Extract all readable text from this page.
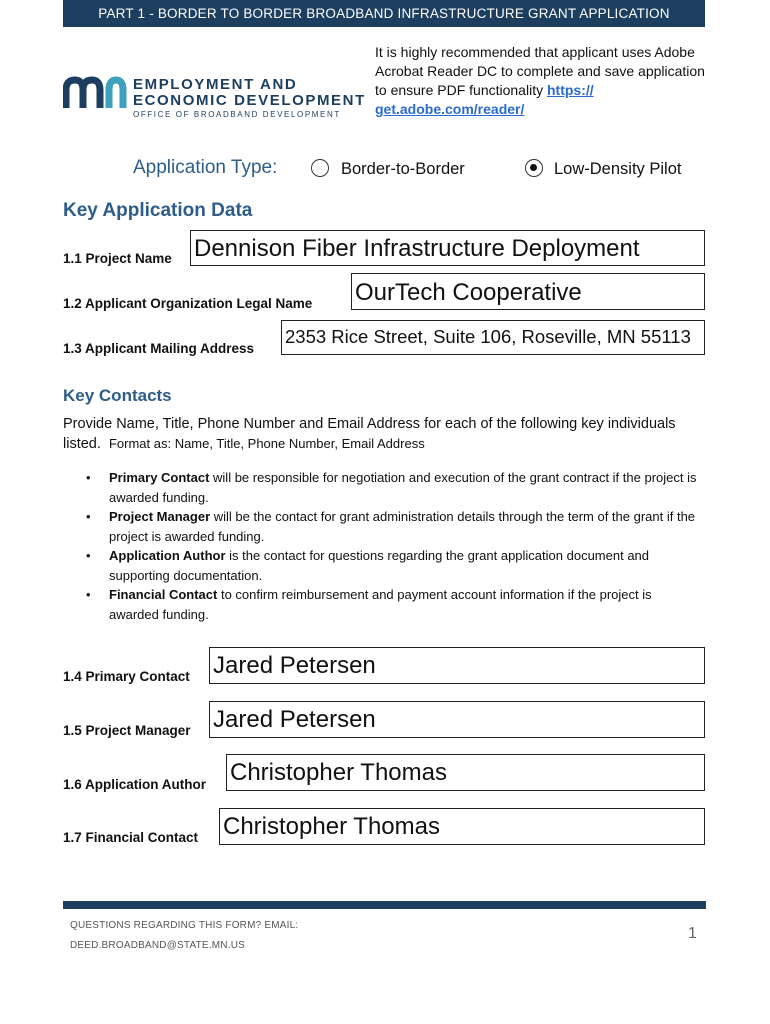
PART 1 - BORDER TO BORDER BROADBAND INFRASTRUCTURE GRANT APPLICATION
EMPLOYMENT AND
ECONOMIC DEVELOPMENT
OFFICE OF BROADBAND DEVELOPMENT
It is highly recommended that applicant uses Adobe Acrobat Reader DC to complete and save application to ensure PDF functionality https:// get.adobe.com/reader/
Application Type:	Border-to-Border	Low-Density Pilot
Key Application Data
1.1 Project Name Dennison Fiber Infrastructure Deployment
1.2 Applicant Organization Legal Name OurTech Cooperative
1.3 Applicant Mailing Address
2353 Rice Street, Suite 106, Roseville, MN 55113
Key Contacts
Provide Name, Title, Phone Number and Email Address for each of the following key individuals listed. Format as: Name, Title, Phone Number, Email Address
• Primary Contact will be responsible for negotiation and execution of the grant contract if the project is awarded funding.
• Project Manager will be the contact for grant administration details through the term of the grant if the project is awarded funding.
• Application Author is the contact for questions regarding the grant application document and supporting documentation.
• Financial Contact to confirm reimbursement and payment account information if the project is awarded funding.
1.4 Primary Contact Jared Petersen
1.5 Project Manager Jared Petersen
1.6 Application Author Christopher Thomas
1.7 Financial Contact Christopher Thomas
QUESTIONS REGARDING THIS FORM? EMAIL:
DEED.BROADBAND@STATE.MN.US
1
